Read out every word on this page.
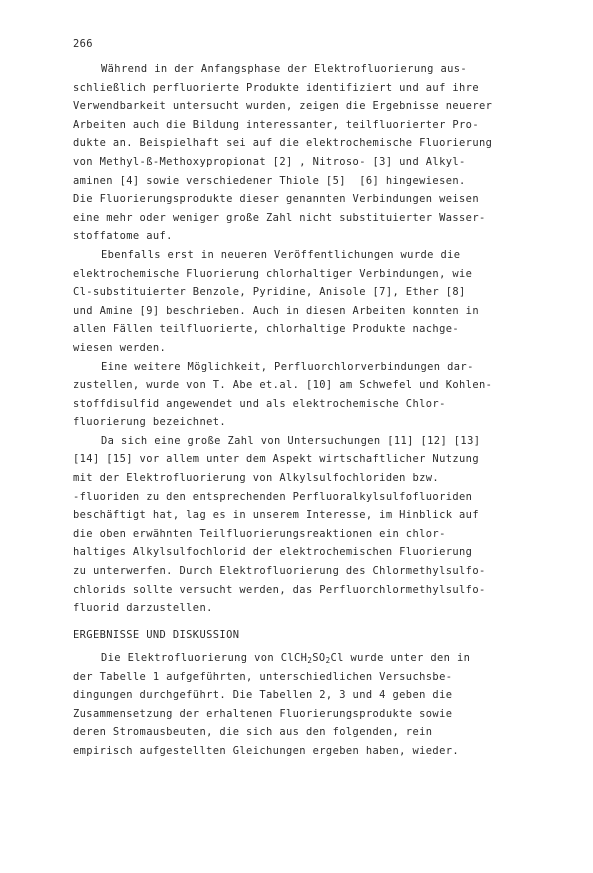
266
Während in der Anfangsphase der Elektrofluorierung aus-
schließlich perfluorierte Produkte identifiziert und auf ihre
Verwendbarkeit untersucht wurden, zeigen die Ergebnisse neuerer
Arbeiten auch die Bildung interessanter, teilfluorierter Pro-
dukte an. Beispielhaft sei auf die elektrochemische Fluorierung
von Methyl-ß-Methoxypropionat [2] , Nitroso- [3] und Alkyl-
aminen [4] sowie verschiedener Thiole [5]  [6] hingewiesen.
Die Fluorierungsprodukte dieser genannten Verbindungen weisen
eine mehr oder weniger große Zahl nicht substituierter Wasser-
stoffatome auf.
Ebenfalls erst in neueren Veröffentlichungen wurde die
elektrochemische Fluorierung chlorhaltiger Verbindungen, wie
Cl-substituierter Benzole, Pyridine, Anisole [7], Ether [8]
und Amine [9] beschrieben. Auch in diesen Arbeiten konnten in
allen Fällen teilfluorierte, chlorhaltige Produkte nachge-
wiesen werden.
Eine weitere Möglichkeit, Perfluorchlorverbindungen dar-
zustellen, wurde von T. Abe et.al. [10] am Schwefel und Kohlen-
stoffdisulfid angewendet und als elektrochemische Chlor-
fluorierung bezeichnet.
Da sich eine große Zahl von Untersuchungen [11] [12] [13]
[14] [15] vor allem unter dem Aspekt wirtschaftlicher Nutzung
mit der Elektrofluorierung von Alkylsulfochloriden bzw.
-fluoriden zu den entsprechenden Perfluoralkylsulfofluoriden
beschäftigt hat, lag es in unserem Interesse, im Hinblick auf
die oben erwähnten Teilfluorierungsreaktionen ein chlor-
haltiges Alkylsulfochlorid der elektrochemischen Fluorierung
zu unterwerfen. Durch Elektrofluorierung des Chlormethylsulfo-
chlorids sollte versucht werden, das Perfluorchlormethylsulfo-
fluorid darzustellen.
ERGEBNISSE UND DISKUSSION
Die Elektrofluorierung von $ClCH_2SO_2Cl$ wurde unter den in
der Tabelle 1 aufgeführten, unterschiedlichen Versuchsbe-
dingungen durchgeführt. Die Tabellen 2, 3 und 4 geben die
Zusammensetzung der erhaltenen Fluorierungsprodukte sowie
deren Stromausbeuten, die sich aus den folgenden, rein
empirisch aufgestellten Gleichungen ergeben haben, wieder.
